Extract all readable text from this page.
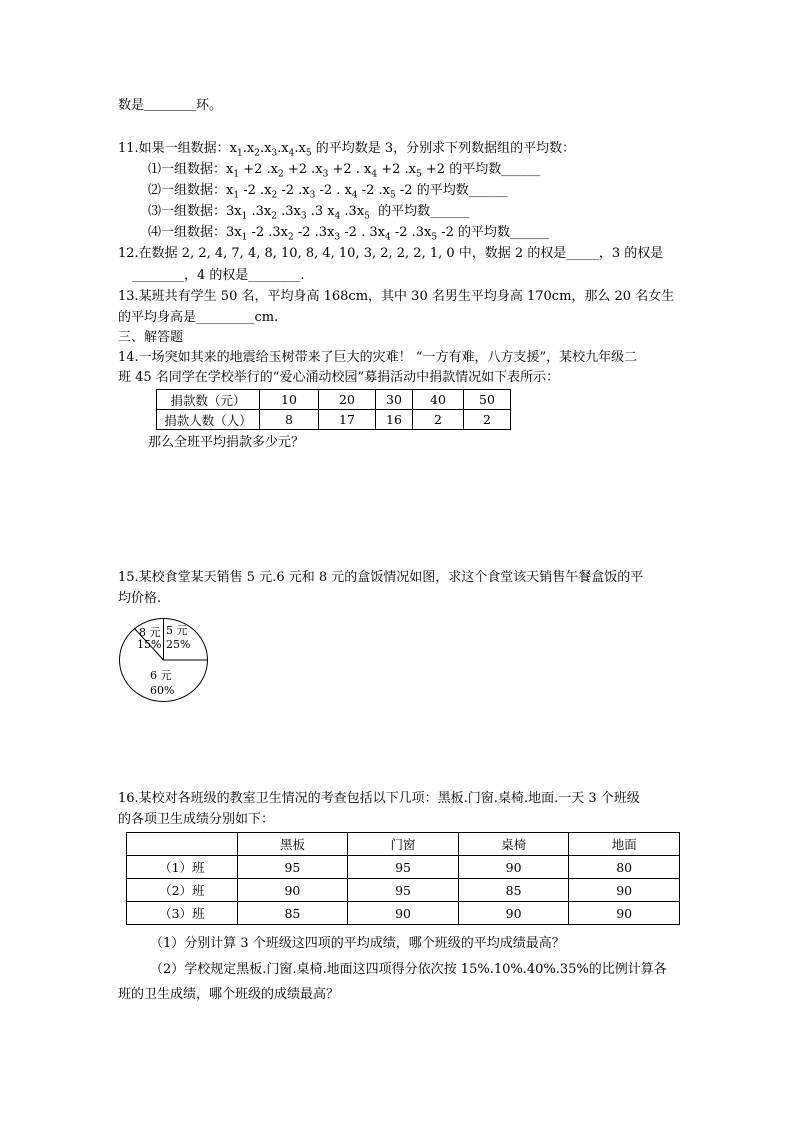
数是＿＿＿＿环。
11.如果一组数据：$x_1.x_2.x_3.x_4.x_5$ 的平均数是 3，分别求下列数据组的平均数：
⑴一组数据：$x_1 +2$ $.x_2 +2$ $.x_3 +2$ . $x_4 +2$ $.x_5 +2$ 的平均数______
⑵一组数据：$x_1$ -2 $.x_2$ -2 $.x_3$ -2 . $x_4$ -2 $.x_5$ -2 的平均数______
⑶一组数据：$3x_1$ $.3x_2$ $.3x_3$ .3 $x_4$ $.3x_5$ 的平均数______
⑷一组数据：$3x_1$ -2 $.3x_2$ -2 $.3x_3$ -2 . $3x_4$ -2 $.3x_5$ -2 的平均数______
12.在数据 2, 2, 4, 7, 4, 8, 10, 8, 4, 10, 3, 2, 2, 2, 1, 0 中，数据 2 的权是_____，3 的权是
________，4 的权是________.
13.某班共有学生 50 名，平均身高 168cm，其中 30 名男生平均身高 170cm，那么 20 名女生
的平均身高是_________cm.
三、解答题
14.一场突如其来的地震给玉树带来了巨大的灾难！ “一方有难，八方支援”，某校九年级二
班 45 名同学在学校举行的“爱心涌动校园”募捐活动中捐款情况如下表所示：
捐款数（元）	10	20	30	40	50
捐款人数（人）	8	17	16	2	2
那么全班平均捐款多少元？
15.某校食堂某天销售 5 元.6 元和 8 元的盒饭情况如图，求这个食堂该天销售午餐盒饭的平
均价格.
8 元
15%
5 元
25%
6 元
60%
16.某校对各班级的教室卫生情况的考查包括以下几项：黑板.门窗.桌椅.地面.一天 3 个班级
的各项卫生成绩分别如下：
	黑板	门窗	桌椅	地面
（1）班	95	95	90	80
（2）班	90	95	85	90
（3）班	85	90	90	90
（1）分别计算 3 个班级这四项的平均成绩，哪个班级的平均成绩最高？
（2）学校规定黑板.门窗.桌椅.地面这四项得分依次按 15%.10%.40%.35%的比例计算各
班的卫生成绩，哪个班级的成绩最高？
